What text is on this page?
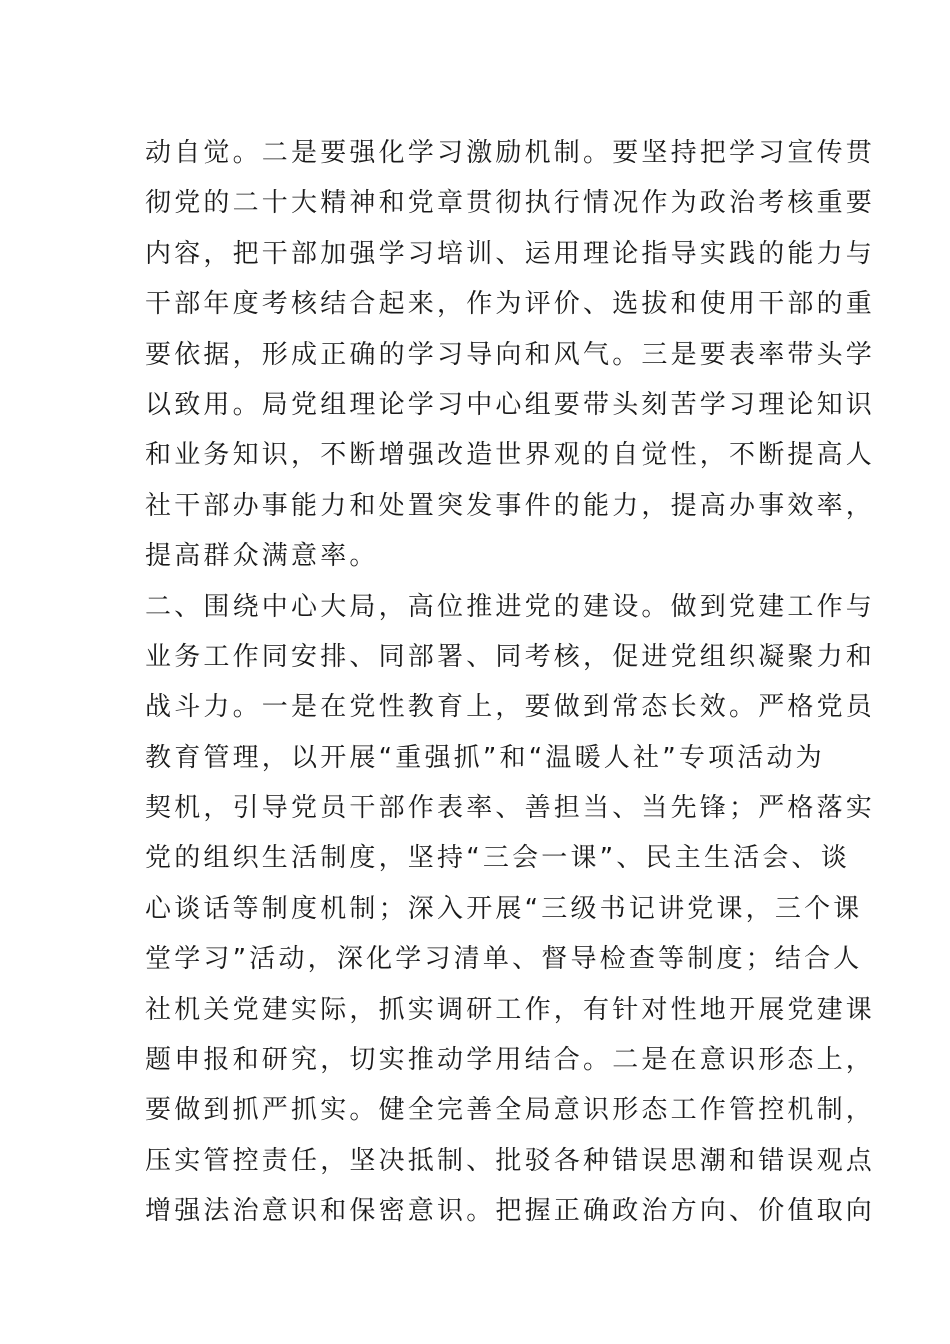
动自觉。二是要强化学习激励机制。要坚持把学习宣传贯
彻党的二十大精神和党章贯彻执行情况作为政治考核重要
内容，把干部加强学习培训、运用理论指导实践的能力与
干部年度考核结合起来，作为评价、选拔和使用干部的重
要依据，形成正确的学习导向和风气。三是要表率带头学
以致用。局党组理论学习中心组要带头刻苦学习理论知识
和业务知识，不断增强改造世界观的自觉性，不断提高人
社干部办事能力和处置突发事件的能力，提高办事效率，
提高群众满意率。
二、围绕中心大局，高位推进党的建设。做到党建工作与
业务工作同安排、同部署、同考核，促进党组织凝聚力和
战斗力。一是在党性教育上，要做到常态长效。严格党员
教育管理，以开展“重强抓”和“温暖人社”专项活动为
契机，引导党员干部作表率、善担当、当先锋；严格落实
党的组织生活制度，坚持“三会一课”、民主生活会、谈
心谈话等制度机制；深入开展“三级书记讲党课，三个课
堂学习”活动，深化学习清单、督导检查等制度；结合人
社机关党建实际，抓实调研工作，有针对性地开展党建课
题申报和研究，切实推动学用结合。二是在意识形态上，
要做到抓严抓实。健全完善全局意识形态工作管控机制，
压实管控责任，坚决抵制、批驳各种错误思潮和错误观点
增强法治意识和保密意识。把握正确政治方向、价值取向
